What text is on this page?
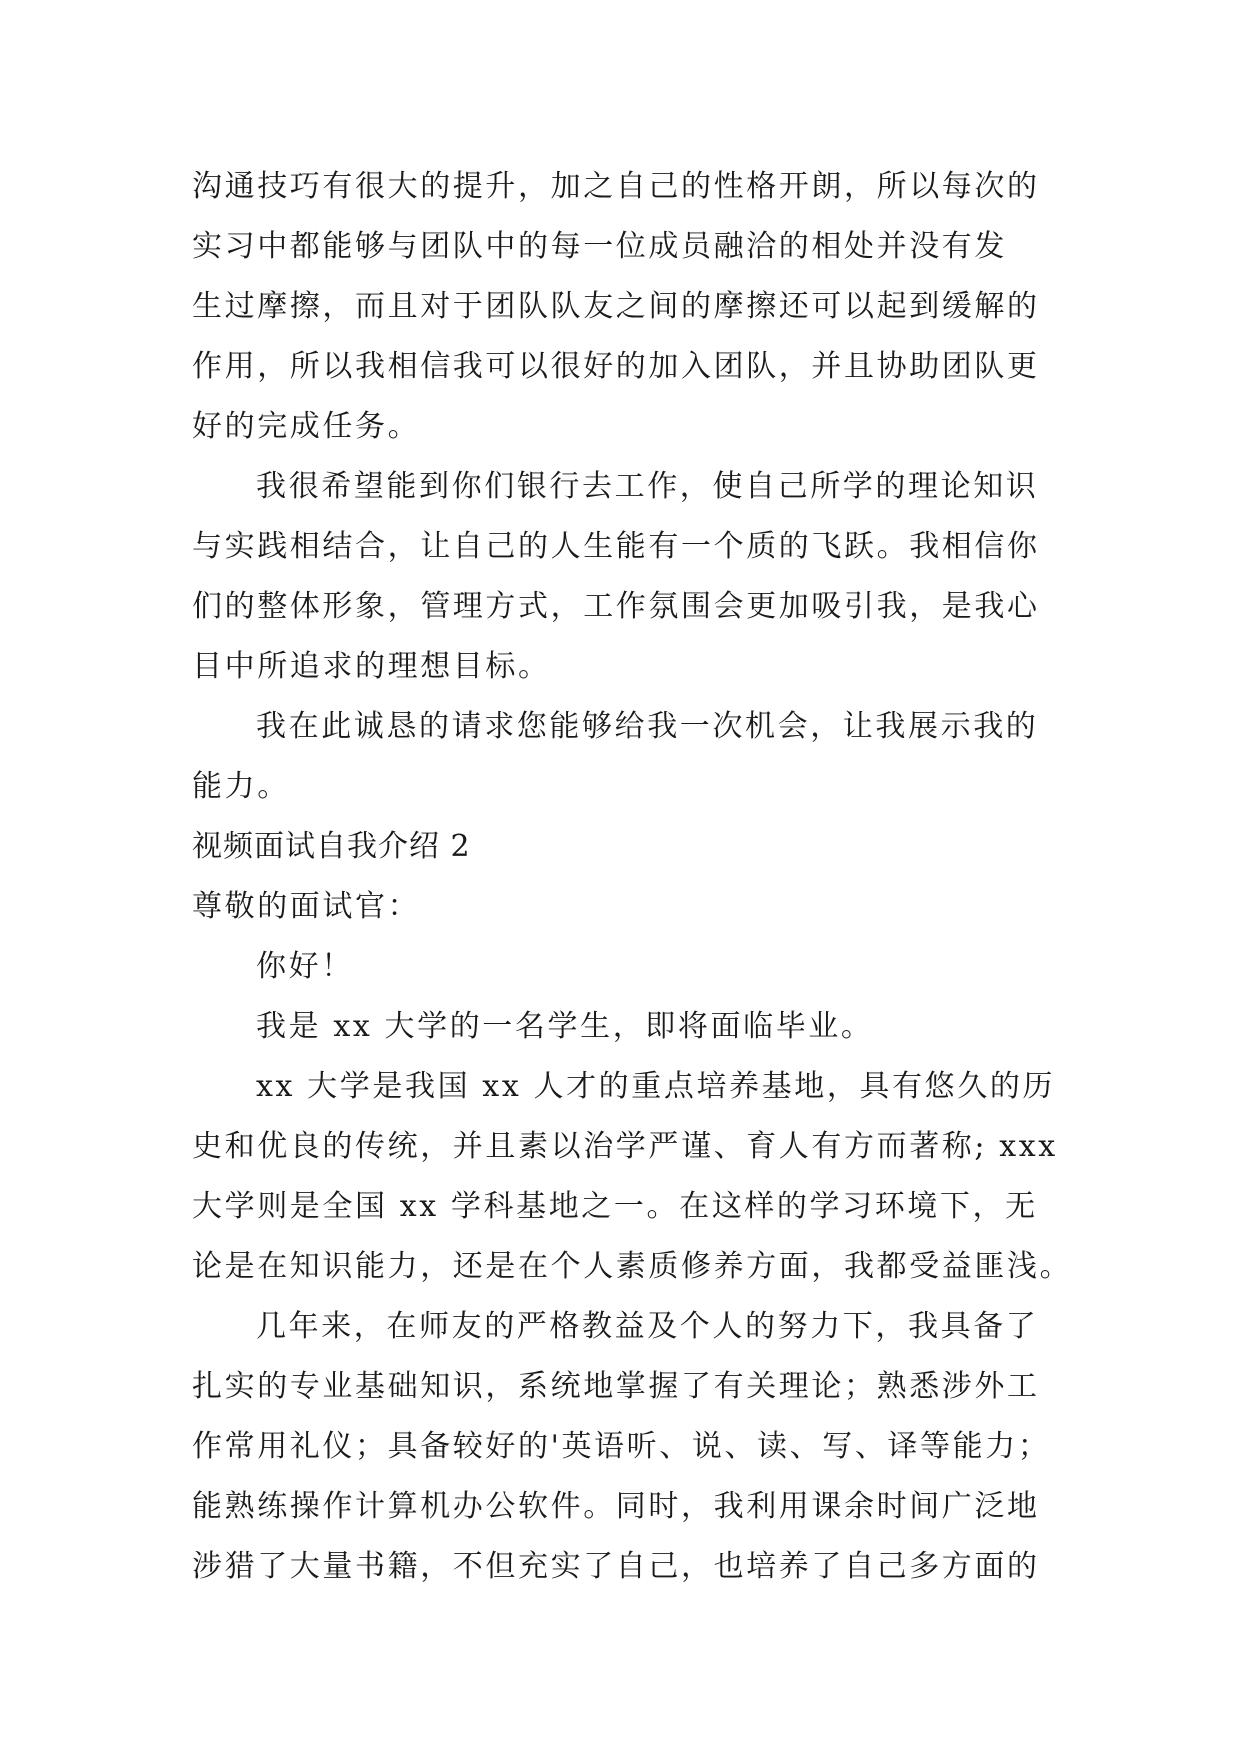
沟通技巧有很大的提升，加之自己的性格开朗，所以每次的
实习中都能够与团队中的每一位成员融洽的相处并没有发
生过摩擦，而且对于团队队友之间的摩擦还可以起到缓解的
作用，所以我相信我可以很好的加入团队，并且协助团队更
好的完成任务。
我很希望能到你们银行去工作，使自己所学的理论知识
与实践相结合，让自己的人生能有一个质的飞跃。我相信你
们的整体形象，管理方式，工作氛围会更加吸引我，是我心
目中所追求的理想目标。
我在此诚恳的请求您能够给我一次机会，让我展示我的
能力。
视频面试自我介绍 2
尊敬的面试官：
你好！
我是 xx 大学的一名学生，即将面临毕业。
xx 大学是我国 xx 人才的重点培养基地，具有悠久的历
史和优良的传统，并且素以治学严谨、育人有方而著称; xxx
大学则是全国 xx 学科基地之一。在这样的学习环境下，无
论是在知识能力，还是在个人素质修养方面，我都受益匪浅。
几年来，在师友的严格教益及个人的努力下，我具备了
扎实的专业基础知识，系统地掌握了有关理论；熟悉涉外工
作常用礼仪；具备较好的'英语听、说、读、写、译等能力；
能熟练操作计算机办公软件。同时，我利用课余时间广泛地
涉猎了大量书籍，不但充实了自己，也培养了自己多方面的
